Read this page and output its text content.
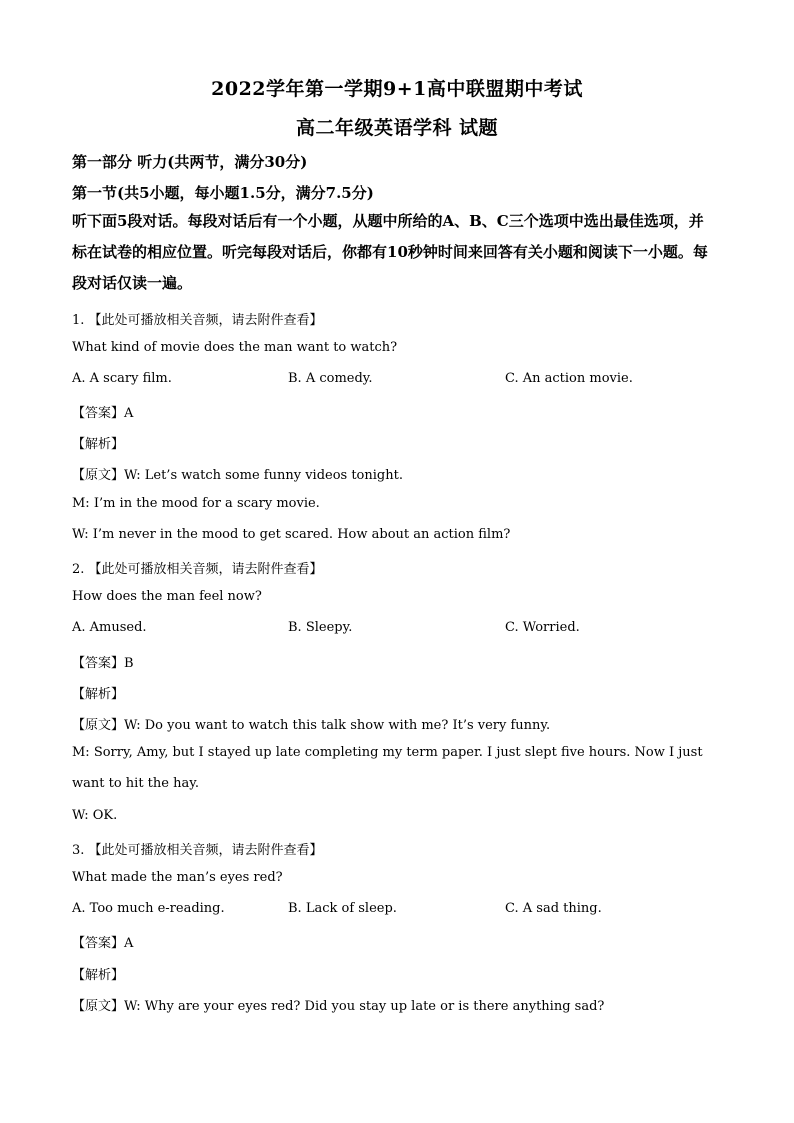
2022学年第一学期9+1高中联盟期中考试
高二年级英语学科 试题
第一部分 听力(共两节，满分30分)
第一节(共5小题，每小题1.5分，满分7.5分)
听下面5段对话。每段对话后有一个小题，从题中所给的A、B、C三个选项中选出最佳选项，并标在试卷的相应位置。听完每段对话后，你都有10秒钟时间来回答有关小题和阅读下一小题。每段对话仅读一遍。
1. 【此处可播放相关音频，请去附件查看】
What kind of movie does the man want to watch?
A. A scary film.	B. A comedy.	C. An action movie.
【答案】A
【解析】
【原文】W: Let’s watch some funny videos tonight.
M: I’m in the mood for a scary movie.
W: I’m never in the mood to get scared. How about an action film?
2. 【此处可播放相关音频，请去附件查看】
How does the man feel now?
A. Amused.	B. Sleepy.	C. Worried.
【答案】B
【解析】
【原文】W: Do you want to watch this talk show with me? It’s very funny.
M: Sorry, Amy, but I stayed up late completing my term paper. I just slept five hours. Now I just want to hit the hay.
W: OK.
3. 【此处可播放相关音频，请去附件查看】
What made the man’s eyes red?
A. Too much e-reading.	B. Lack of sleep.	C. A sad thing.
【答案】A
【解析】
【原文】W: Why are your eyes red? Did you stay up late or is there anything sad?
